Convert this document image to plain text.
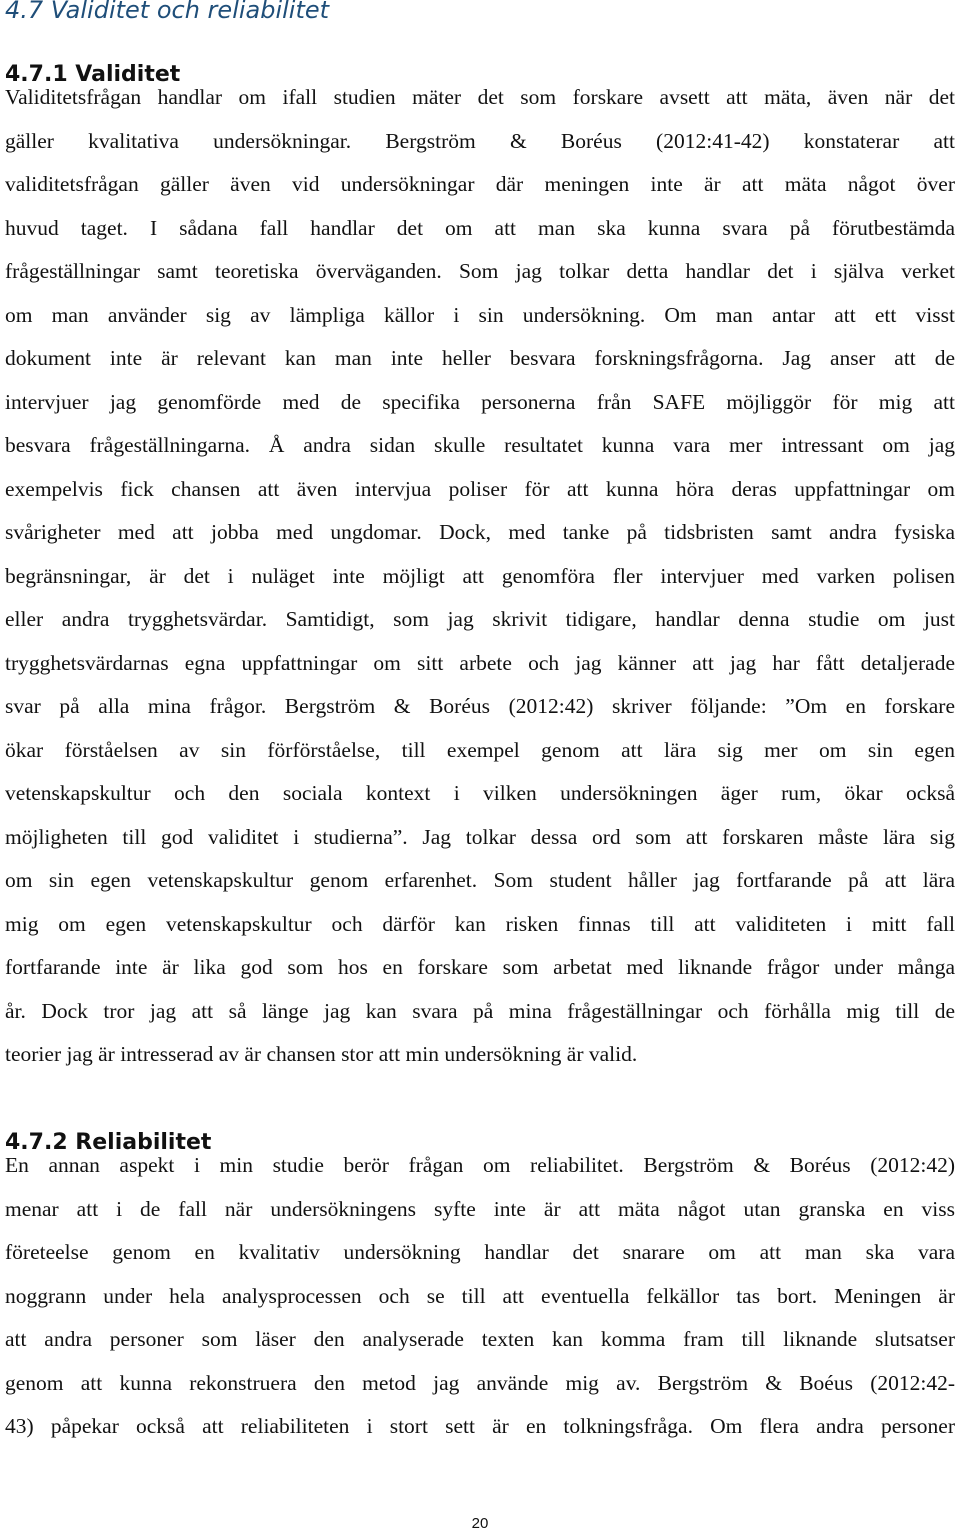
4.7 Validitet och reliabilitet
4.7.1 Validitet
Validitetsfrågan handlar om ifall studien mäter det som forskare avsett att mäta, även när det
gäller kvalitativa undersökningar. Bergström & Boréus (2012:41-42) konstaterar att
validitetsfrågan gäller även vid undersökningar där meningen inte är att mäta något över
huvud taget. I sådana fall handlar det om att man ska kunna svara på förutbestämda
frågeställningar samt teoretiska överväganden. Som jag tolkar detta handlar det i själva verket
om man använder sig av lämpliga källor i sin undersökning. Om man antar att ett visst
dokument inte är relevant kan man inte heller besvara forskningsfrågorna. Jag anser att de
intervjuer jag genomförde med de specifika personerna från SAFE möjliggör för mig att
besvara frågeställningarna. Å andra sidan skulle resultatet kunna vara mer intressant om jag
exempelvis fick chansen att även intervjua poliser för att kunna höra deras uppfattningar om
svårigheter med att jobba med ungdomar. Dock, med tanke på tidsbristen samt andra fysiska
begränsningar, är det i nuläget inte möjligt att genomföra fler intervjuer med varken polisen
eller andra trygghetsvärdar. Samtidigt, som jag skrivit tidigare, handlar denna studie om just
trygghetsvärdarnas egna uppfattningar om sitt arbete och jag känner att jag har fått detaljerade
svar på alla mina frågor. Bergström & Boréus (2012:42) skriver följande: ”Om en forskare
ökar förståelsen av sin förförståelse, till exempel genom att lära sig mer om sin egen
vetenskapskultur och den sociala kontext i vilken undersökningen äger rum, ökar också
möjligheten till god validitet i studierna”. Jag tolkar dessa ord som att forskaren måste lära sig
om sin egen vetenskapskultur genom erfarenhet. Som student håller jag fortfarande på att lära
mig om egen vetenskapskultur och därför kan risken finnas till att validiteten i mitt fall
fortfarande inte är lika god som hos en forskare som arbetat med liknande frågor under många
år. Dock tror jag att så länge jag kan svara på mina frågeställningar och förhålla mig till de
teorier jag är intresserad av är chansen stor att min undersökning är valid.
4.7.2 Reliabilitet
En annan aspekt i min studie berör frågan om reliabilitet. Bergström & Boréus (2012:42)
menar att i de fall när undersökningens syfte inte är att mäta något utan granska en viss
företeelse genom en kvalitativ undersökning handlar det snarare om att man ska vara
noggrann under hela analysprocessen och se till att eventuella felkällor tas bort. Meningen är
att andra personer som läser den analyserade texten kan komma fram till liknande slutsatser
genom att kunna rekonstruera den metod jag använde mig av. Bergström & Boéus (2012:42-
43) påpekar också att reliabiliteten i stort sett är en tolkningsfråga. Om flera andra personer
20
